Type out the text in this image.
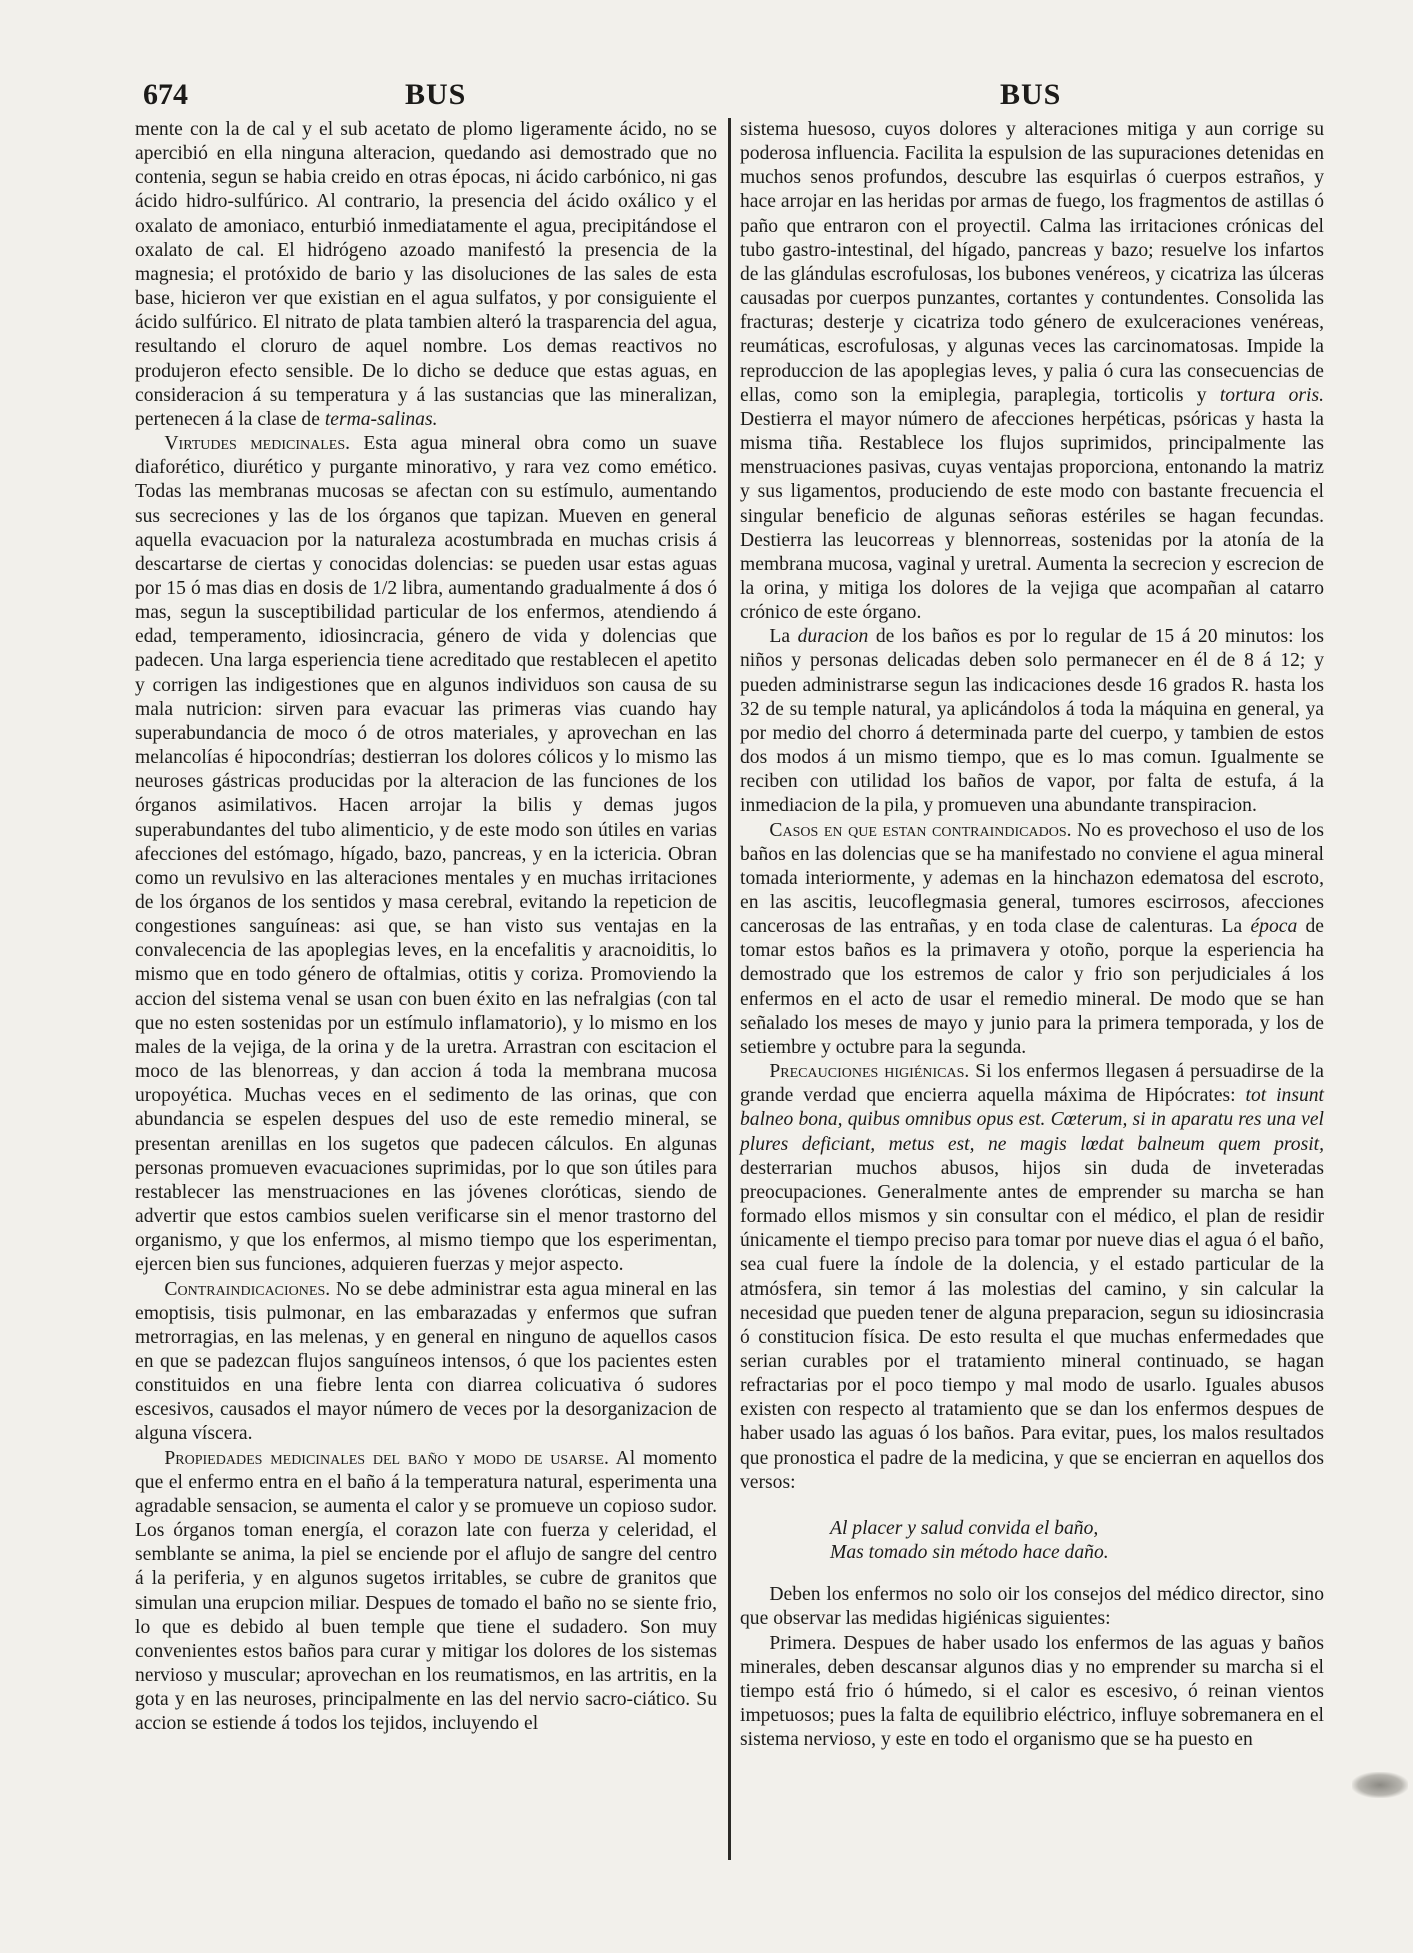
674	BUS	BUS

mente con la de cal y el sub acetato de plomo ligeramente ácido, no se apercibió en ella ninguna alteracion, quedando asi demostrado que no contenia, segun se habia creido en otras épocas, ni ácido carbónico, ni gas ácido hidro-sulfúrico. Al contrario, la presencia del ácido oxálico y el oxalato de amoniaco, enturbió inmediatamente el agua, precipitándose el oxalato de cal. El hidrógeno azoado manifestó la presencia de la magnesia; el protóxido de bario y las disoluciones de las sales de esta base, hicieron ver que existian en el agua sulfatos, y por consiguiente el ácido sulfúrico. El nitrato de plata tambien alteró la trasparencia del agua, resultando el cloruro de aquel nombre. Los demas reactivos no produjeron efecto sensible. De lo dicho se deduce que estas aguas, en consideracion á su temperatura y á las sustancias que las mineralizan, pertenecen á la clase de terma-salinas.

Virtudes medicinales. Esta agua mineral obra como un suave diaforético, diurético y purgante minorativo, y rara vez como emético. Todas las membranas mucosas se afectan con su estímulo, aumentando sus secreciones y las de los órganos que tapizan. Mueven en general aquella evacuacion por la naturaleza acostumbrada en muchas crisis á descartarse de ciertas y conocidas dolencias: se pueden usar estas aguas por 15 ó mas dias en dosis de 1/2 libra, aumentando gradualmente á dos ó mas, segun la susceptibilidad particular de los enfermos, atendiendo á edad, temperamento, idiosincracia, género de vida y dolencias que padecen. Una larga esperiencia tiene acreditado que restablecen el apetito y corrigen las indigestiones que en algunos individuos son causa de su mala nutricion: sirven para evacuar las primeras vias cuando hay superabundancia de moco ó de otros materiales, y aprovechan en las melancolías é hipocondrías; destierran los dolores cólicos y lo mismo las neuroses gástricas producidas por la alteracion de las funciones de los órganos asimilativos. Hacen arrojar la bilis y demas jugos superabundantes del tubo alimenticio, y de este modo son útiles en varias afecciones del estómago, hígado, bazo, pancreas, y en la ictericia. Obran como un revulsivo en las alteraciones mentales y en muchas irritaciones de los órganos de los sentidos y masa cerebral, evitando la repeticion de congestiones sanguíneas: asi que, se han visto sus ventajas en la convalecencia de las apoplegias leves, en la encefalitis y aracnoiditis, lo mismo que en todo género de oftalmias, otitis y coriza. Promoviendo la accion del sistema venal se usan con buen éxito en las nefralgias (con tal que no esten sostenidas por un estímulo inflamatorio), y lo mismo en los males de la vejiga, de la orina y de la uretra. Arrastran con escitacion el moco de las blenorreas, y dan accion á toda la membrana mucosa uropoyética. Muchas veces en el sedimento de las orinas, que con abundancia se espelen despues del uso de este remedio mineral, se presentan arenillas en los sugetos que padecen cálculos. En algunas personas promueven evacuaciones suprimidas, por lo que son útiles para restablecer las menstruaciones en las jóvenes cloróticas, siendo de advertir que estos cambios suelen verificarse sin el menor trastorno del organismo, y que los enfermos, al mismo tiempo que los esperimentan, ejercen bien sus funciones, adquieren fuerzas y mejor aspecto.

Contraindicaciones. No se debe administrar esta agua mineral en las emoptisis, tisis pulmonar, en las embarazadas y enfermos que sufran metrorragias, en las melenas, y en general en ninguno de aquellos casos en que se padezcan flujos sanguíneos intensos, ó que los pacientes esten constituidos en una fiebre lenta con diarrea colicuativa ó sudores escesivos, causados el mayor número de veces por la desorganizacion de alguna víscera.

Propiedades medicinales del baño y modo de usarse. Al momento que el enfermo entra en el baño á la temperatura natural, esperimenta una agradable sensacion, se aumenta el calor y se promueve un copioso sudor. Los órganos toman energía, el corazon late con fuerza y celeridad, el semblante se anima, la piel se enciende por el aflujo de sangre del centro á la periferia, y en algunos sugetos irritables, se cubre de granitos que simulan una erupcion miliar. Despues de tomado el baño no se siente frio, lo que es debido al buen temple que tiene el sudadero. Son muy convenientes estos baños para curar y mitigar los dolores de los sistemas nervioso y muscular; aprovechan en los reumatismos, en las artritis, en la gota y en las neuroses, principalmente en las del nervio sacro-ciático. Su accion se estiende á todos los tejidos, incluyendo el

sistema huesoso, cuyos dolores y alteraciones mitiga y aun corrige su poderosa influencia. Facilita la espulsion de las supuraciones detenidas en muchos senos profundos, descubre las esquirlas ó cuerpos estraños, y hace arrojar en las heridas por armas de fuego, los fragmentos de astillas ó paño que entraron con el proyectil. Calma las irritaciones crónicas del tubo gastro-intestinal, del hígado, pancreas y bazo; resuelve los infartos de las glándulas escrofulosas, los bubones venéreos, y cicatriza las úlceras causadas por cuerpos punzantes, cortantes y contundentes. Consolida las fracturas; desterje y cicatriza todo género de exulceraciones venéreas, reumáticas, escrofulosas, y algunas veces las carcinomatosas. Impide la reproduccion de las apoplegias leves, y palia ó cura las consecuencias de ellas, como son la emiplegia, paraplegia, torticolis y tortura oris. Destierra el mayor número de afecciones herpéticas, psóricas y hasta la misma tiña. Restablece los flujos suprimidos, principalmente las menstruaciones pasivas, cuyas ventajas proporciona, entonando la matriz y sus ligamentos, produciendo de este modo con bastante frecuencia el singular beneficio de algunas señoras estériles se hagan fecundas. Destierra las leucorreas y blennorreas, sostenidas por la atonía de la membrana mucosa, vaginal y uretral. Aumenta la secrecion y escrecion de la orina, y mitiga los dolores de la vejiga que acompañan al catarro crónico de este órgano.

La duracion de los baños es por lo regular de 15 á 20 minutos: los niños y personas delicadas deben solo permanecer en él de 8 á 12; y pueden administrarse segun las indicaciones desde 16 grados R. hasta los 32 de su temple natural, ya aplicándolos á toda la máquina en general, ya por medio del chorro á determinada parte del cuerpo, y tambien de estos dos modos á un mismo tiempo, que es lo mas comun. Igualmente se reciben con utilidad los baños de vapor, por falta de estufa, á la inmediacion de la pila, y promueven una abundante transpiracion.

Casos en que estan contraindicados. No es provechoso el uso de los baños en las dolencias que se ha manifestado no conviene el agua mineral tomada interiormente, y ademas en la hinchazon edematosa del escroto, en las ascitis, leucoflegmasia general, tumores escirrosos, afecciones cancerosas de las entrañas, y en toda clase de calenturas. La época de tomar estos baños es la primavera y otoño, porque la esperiencia ha demostrado que los estremos de calor y frio son perjudiciales á los enfermos en el acto de usar el remedio mineral. De modo que se han señalado los meses de mayo y junio para la primera temporada, y los de setiembre y octubre para la segunda.

Precauciones higiénicas. Si los enfermos llegasen á persuadirse de la grande verdad que encierra aquella máxima de Hipócrates: tot insunt balneo bona, quibus omnibus opus est. Cœterum, si in aparatu res una vel plures deficiant, metus est, ne magis lœdat balneum quem prosit, desterrarian muchos abusos, hijos sin duda de inveteradas preocupaciones. Generalmente antes de emprender su marcha se han formado ellos mismos y sin consultar con el médico, el plan de residir únicamente el tiempo preciso para tomar por nueve dias el agua ó el baño, sea cual fuere la índole de la dolencia, y el estado particular de la atmósfera, sin temor á las molestias del camino, y sin calcular la necesidad que pueden tener de alguna preparacion, segun su idiosincrasia ó constitucion física. De esto resulta el que muchas enfermedades que serian curables por el tratamiento mineral continuado, se hagan refractarias por el poco tiempo y mal modo de usarlo. Iguales abusos existen con respecto al tratamiento que se dan los enfermos despues de haber usado las aguas ó los baños. Para evitar, pues, los malos resultados que pronostica el padre de la medicina, y que se encierran en aquellos dos versos:

Al placer y salud convida el baño,
Mas tomado sin método hace daño.

Deben los enfermos no solo oir los consejos del médico director, sino que observar las medidas higiénicas siguientes:

Primera. Despues de haber usado los enfermos de las aguas y baños minerales, deben descansar algunos dias y no emprender su marcha si el tiempo está frio ó húmedo, si el calor es escesivo, ó reinan vientos impetuosos; pues la falta de equilibrio eléctrico, influye sobremanera en el sistema nervioso, y este en todo el organismo que se ha puesto en
